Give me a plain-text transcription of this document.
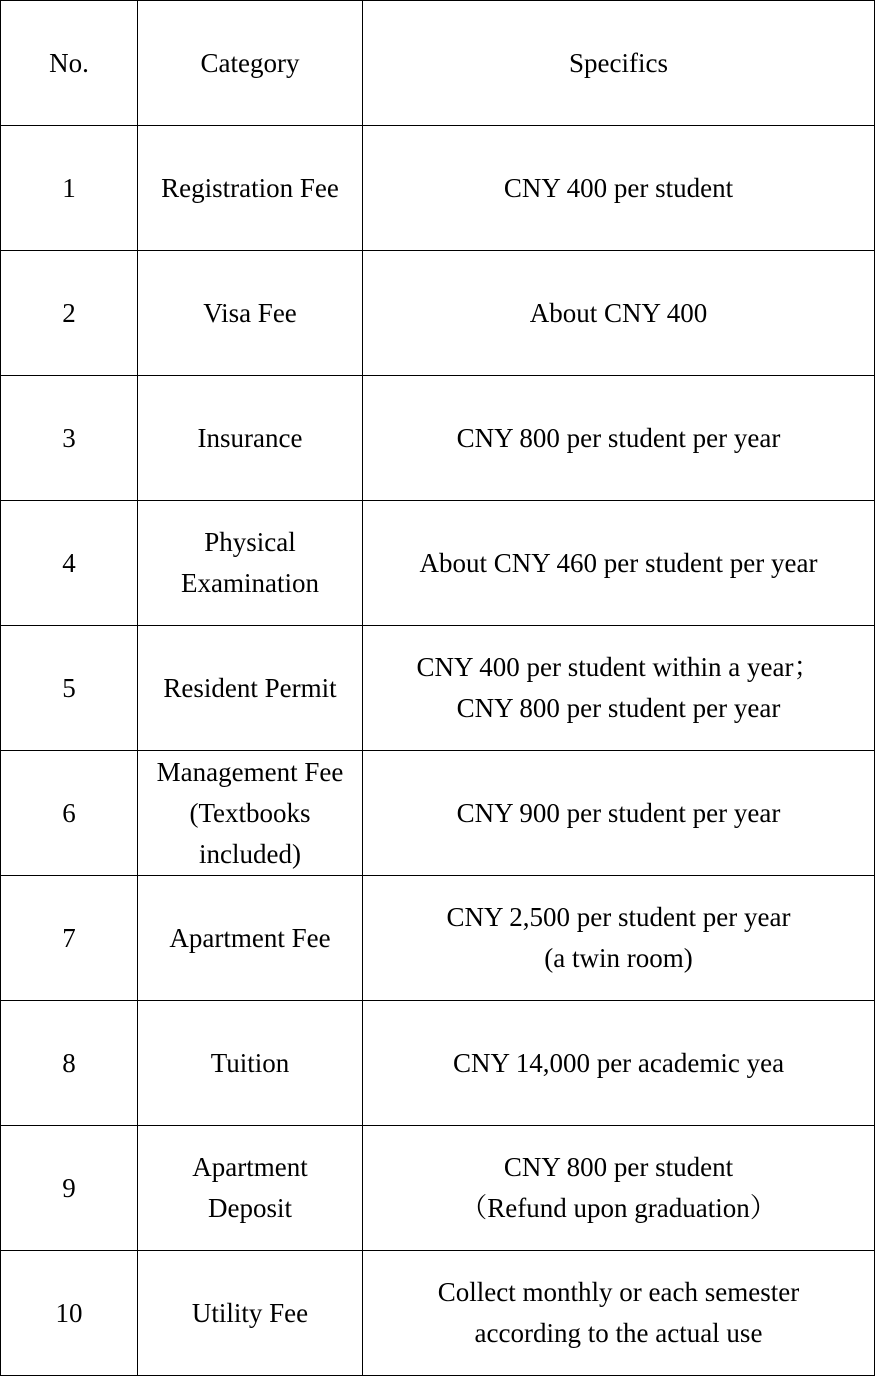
No.	Category	Specifics
1	Registration Fee	CNY 400 per student

2	Visa Fee	About CNY 400

3	Insurance	CNY 800 per student per year

4	Physical
Examination	About CNY 460 per student per year

5	Resident Permit	CNY 400 per student within a year；
CNY 800 per student per year

6	Management Fee
(Textbooks
included)	CNY 900 per student per year

7	Apartment Fee	CNY 2,500 per student per year
(a twin room)

8	Tuition	CNY 14,000 per academic yea

9	Apartment
Deposit	CNY 800 per student
（Refund upon graduation）

10	Utility Fee	Collect monthly or each semester
according to the actual use
